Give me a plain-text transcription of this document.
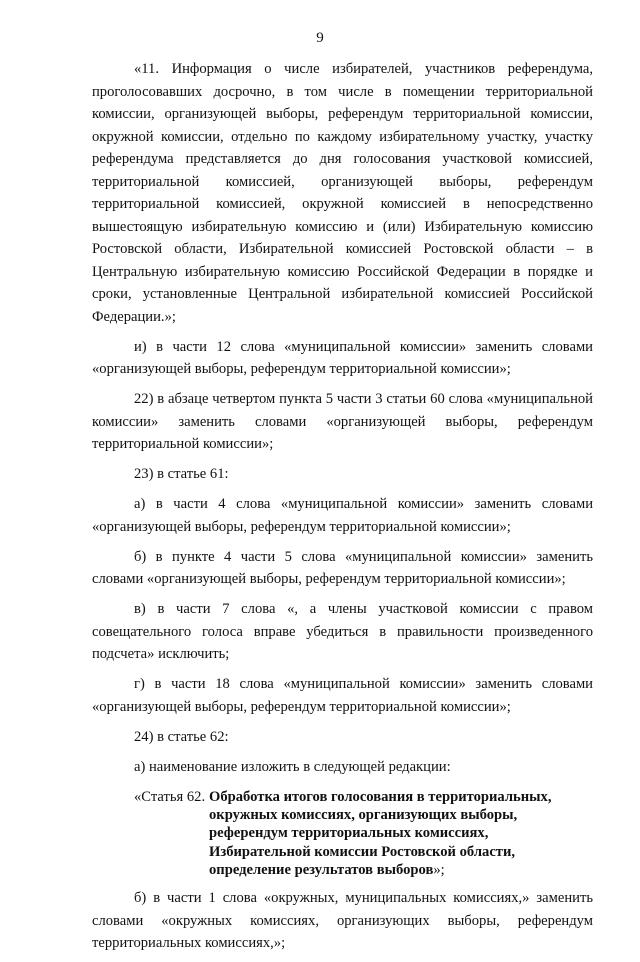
9

«11. Информация о числе избирателей, участников референдума, проголосовавших досрочно, в том числе в помещении территориальной комиссии, организующей выборы, референдум территориальной комиссии, окружной комиссии, отдельно по каждому избирательному участку, участку референдума представляется до дня голосования участковой комиссией, территориальной комиссией, организующей выборы, референдум территориальной комиссией, окружной комиссией в непосредственно вышестоящую избирательную комиссию и (или) Избирательную комиссию Ростовской области, Избирательной комиссией Ростовской области – в Центральную избирательную комиссию Российской Федерации в порядке и сроки, установленные Центральной избирательной комиссией Российской Федерации.»;

и) в части 12 слова «муниципальной комиссии» заменить словами «организующей выборы, референдум территориальной комиссии»;

22) в абзаце четвертом пункта 5 части 3 статьи 60 слова «муниципальной комиссии» заменить словами «организующей выборы, референдум территориальной комиссии»;

23) в статье 61:

а) в части 4 слова «муниципальной комиссии» заменить словами «организующей выборы, референдум территориальной комиссии»;

б) в пункте 4 части 5 слова «муниципальной комиссии» заменить словами «организующей выборы, референдум территориальной комиссии»;

в) в части 7 слова «, а члены участковой комиссии с правом совещательного голоса вправе убедиться в правильности произведенного подсчета» исключить;

г) в части 18 слова «муниципальной комиссии» заменить словами «организующей выборы, референдум территориальной комиссии»;

24) в статье 62:

а) наименование изложить в следующей редакции:

«Статья 62. Обработка итогов голосования в территориальных,
окружных комиссиях, организующих выборы,
референдум территориальных комиссиях,
Избирательной комиссии Ростовской области,
определение результатов выборов»;

б) в части 1 слова «окружных, муниципальных комиссиях,» заменить словами «окружных комиссиях, организующих выборы, референдум территориальных комиссиях,»;
